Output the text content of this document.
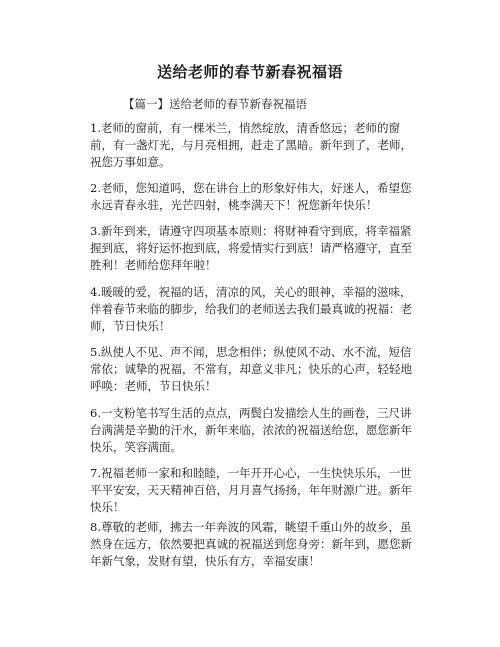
送给老师的春节新春祝福语
【篇一】送给老师的春节新春祝福语

1.老师的窗前，有一棵米兰，悄然绽放，清香悠远；老师的窗前，有一盏灯光，与月亮相拥，赶走了黑暗。新年到了，老师，祝您万事如意。

2.老师，您知道吗，您在讲台上的形象好伟大，好迷人，希望您永远青春永驻，光芒四射，桃李满天下！祝您新年快乐！

3.新年到来，请遵守四项基本原则：将财神看守到底，将幸福紧握到底，将好运怀抱到底，将爱情实行到底！请严格遵守，直至胜利！老师给您拜年啦！

4.暖暖的爱，祝福的话，清凉的风，关心的眼神，幸福的滋味，伴着春节来临的脚步，给我们的老师送去我们最真诚的祝福：老师，节日快乐！

5.纵使人不见、声不闻，思念相伴；纵使风不动、水不流，短信常依；诚挚的祝福，不常有，却意义非凡；快乐的心声，轻轻地呼唤：老师，节日快乐！

6.一支粉笔书写生活的点点，两鬓白发描绘人生的画卷，三尺讲台满满是辛勤的汗水，新年来临，浓浓的祝福送给您，愿您新年快乐，笑容满面。

7.祝福老师一家和和睦睦，一年开开心心，一生快快乐乐，一世平平安安，天天精神百倍，月月喜气扬扬，年年财源广进。新年快乐！

8.尊敬的老师，拂去一年奔波的风霜，眺望千重山外的故乡，虽然身在远方，依然要把真诚的祝福送到您身旁：新年到，愿您新年新气象，发财有望，快乐有方，幸福安康！
